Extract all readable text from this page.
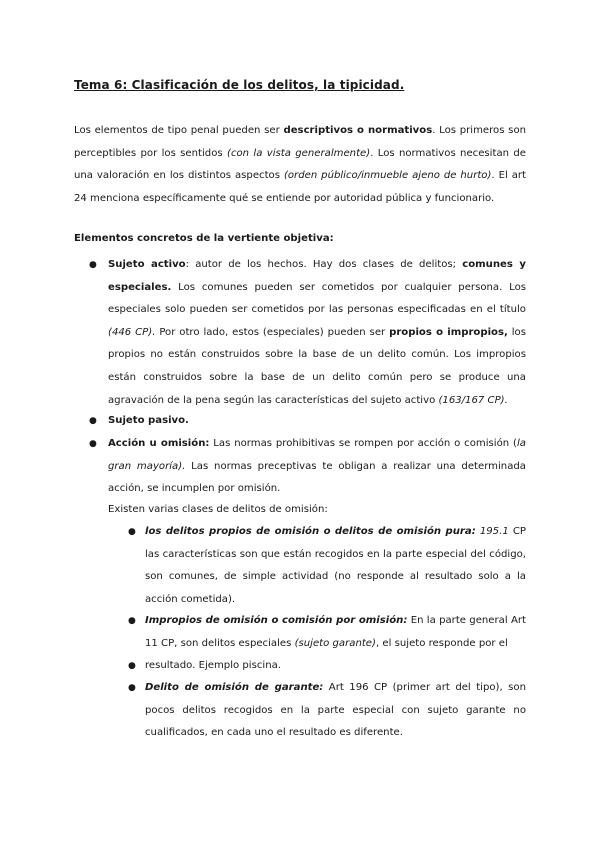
Tema 6: Clasificación de los delitos, la tipicidad.
Los elementos de tipo penal pueden ser descriptivos o normativos. Los primeros son perceptibles por los sentidos (con la vista generalmente). Los normativos necesitan de una valoración en los distintos aspectos (orden público/inmueble ajeno de hurto). El art 24 menciona específicamente qué se entiende por autoridad pública y funcionario.
Elementos concretos de la vertiente objetiva:
● Sujeto activo: autor de los hechos. Hay dos clases de delitos; comunes y especiales. Los comunes pueden ser cometidos por cualquier persona. Los especiales solo pueden ser cometidos por las personas especificadas en el título (446 CP). Por otro lado, estos (especiales) pueden ser propios o impropios, los propios no están construidos sobre la base de un delito común. Los impropios están construidos sobre la base de un delito común pero se produce una agravación de la pena según las características del sujeto activo (163/167 CP).
● Sujeto pasivo.
● Acción u omisión: Las normas prohibitivas se rompen por acción o comisión (la gran mayoría). Las normas preceptivas te obligan a realizar una determinada acción, se incumplen por omisión.
Existen varias clases de delitos de omisión:
● los delitos propios de omisión o delitos de omisión pura: 195.1 CP las características son que están recogidos en la parte especial del código, son comunes, de simple actividad (no responde al resultado solo a la acción cometida).
● Impropios de omisión o comisión por omisión: En la parte general Art 11 CP, son delitos especiales (sujeto garante), el sujeto responde por el
● resultado. Ejemplo piscina.
● Delito de omisión de garante: Art 196 CP (primer art del tipo), son pocos delitos recogidos en la parte especial con sujeto garante no cualificados, en cada uno el resultado es diferente.
